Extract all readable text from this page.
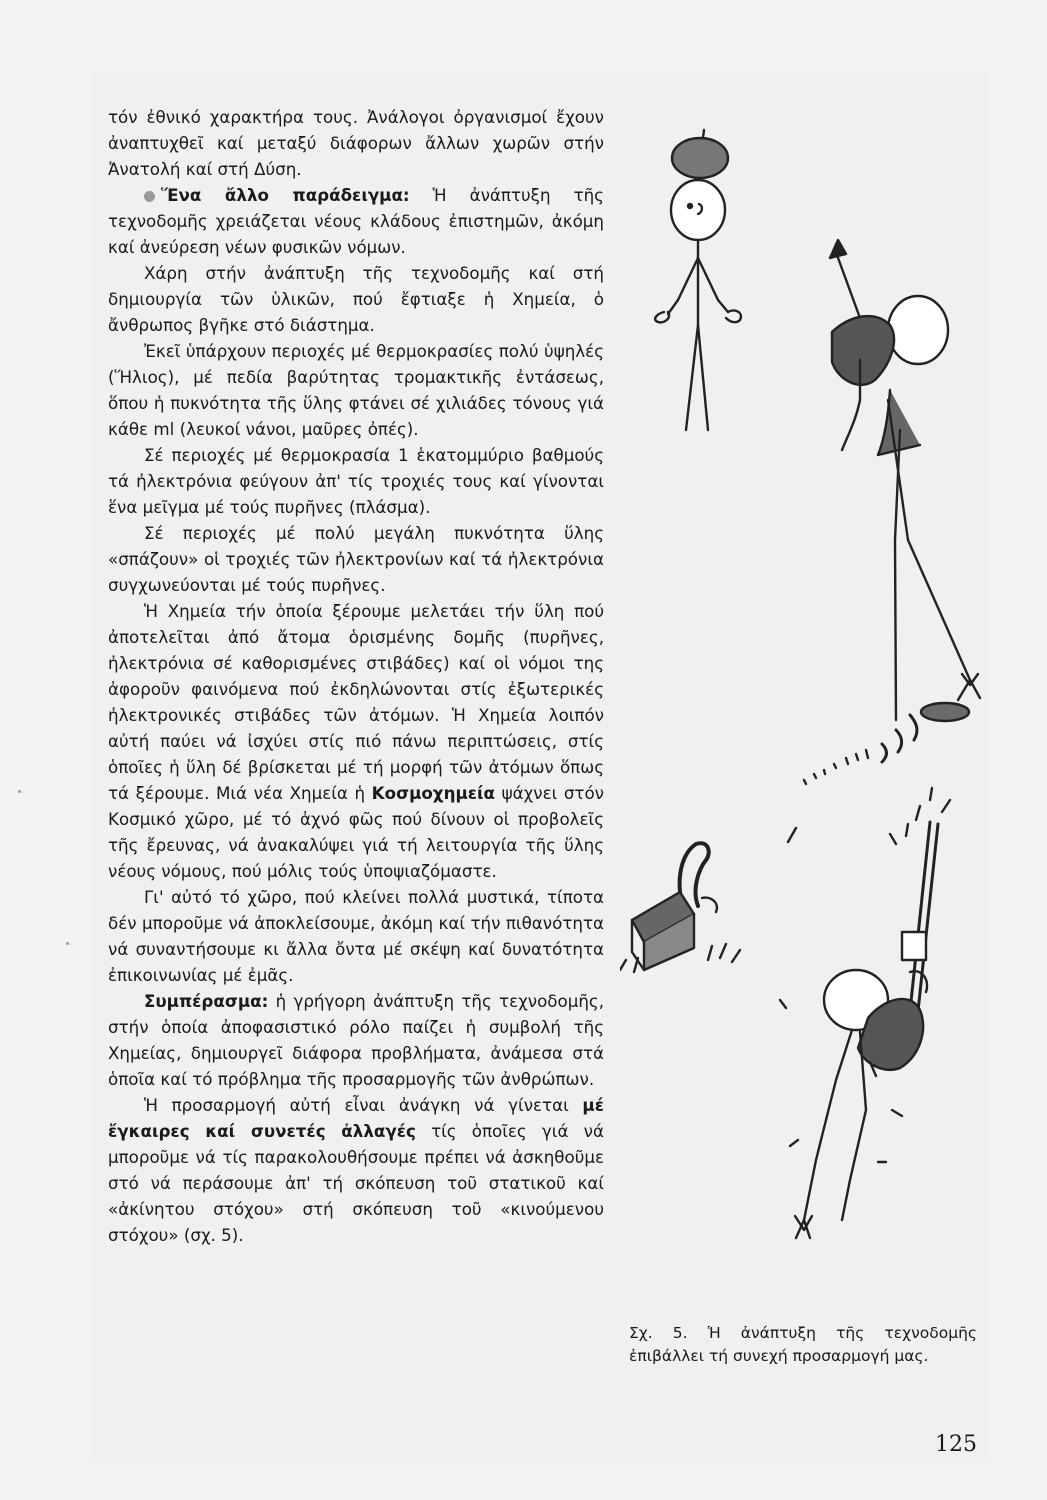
τόν ἐθνικό χαρακτήρα τους. Ἀνάλογοι ὀργανισμοί ἔχουν ἀναπτυχθεῖ καί μεταξύ διάφορων ἄλλων χωρῶν στήν Ἀνατολή καί στή Δύση.

Ἕνα ἄλλο παράδειγμα: Ἡ ἀνάπτυξη τῆς τεχνοδομῆς χρειάζεται νέους κλάδους ἐπιστημῶν, ἀκόμη καί ἀνεύρεση νέων φυσικῶν νόμων.

Χάρη στήν ἀνάπτυξη τῆς τεχνοδομῆς καί στή δημιουργία τῶν ὑλικῶν, πού ἔφτιαξε ἡ Χημεία, ὁ ἄνθρωπος βγῆκε στό διάστημα.

Ἐκεῖ ὑπάρχουν περιοχές μέ θερμοκρασίες πολύ ὑψηλές (Ἥλιος), μέ πεδία βαρύτητας τρομακτικῆς ἐντάσεως, ὅπου ἡ πυκνότητα τῆς ὕλης φτάνει σέ χιλιάδες τόνους γιά κάθε ml (λευκοί νάνοι, μαῦρες ὀπές).

Σέ περιοχές μέ θερμοκρασία 1 ἑκατομμύριο βαθμούς τά ἠλεκτρόνια φεύγουν ἀπ' τίς τροχιές τους καί γίνονται ἕνα μεῖγμα μέ τούς πυρῆνες (πλάσμα).

Σέ περιοχές μέ πολύ μεγάλη πυκνότητα ὕλης «σπάζουν» οἱ τροχιές τῶν ἠλεκτρονίων καί τά ἠλεκτρόνια συγχωνεύονται μέ τούς πυρῆνες.

Ἡ Χημεία τήν ὁποία ξέρουμε μελετάει τήν ὕλη πού ἀποτελεῖται ἀπό ἄτομα ὁρισμένης δομῆς (πυρῆνες, ἠλεκτρόνια σέ καθορισμένες στιβάδες) καί οἱ νόμοι της ἀφοροῦν φαινόμενα πού ἐκδηλώνονται στίς ἐξωτερικές ἠλεκτρονικές στιβάδες τῶν ἀτόμων. Ἡ Χημεία λοιπόν αὐτή παύει νά ἰσχύει στίς πιό πάνω περιπτώσεις, στίς ὁποῖες ἡ ὕλη δέ βρίσκεται μέ τή μορφή τῶν ἀτόμων ὅπως τά ξέρουμε. Μιά νέα Χημεία ἡ Κοσμοχημεία ψάχνει στόν Κοσμικό χῶρο, μέ τό ἀχνό φῶς πού δίνουν οἱ προβολεῖς τῆς ἔρευνας, νά ἀνακαλύψει γιά τή λειτουργία τῆς ὕλης νέους νόμους, πού μόλις τούς ὑποψιαζόμαστε.

Γι' αὐτό τό χῶρο, πού κλείνει πολλά μυστικά, τίποτα δέν μποροῦμε νά ἀποκλείσουμε, ἀκόμη καί τήν πιθανότητα νά συναντήσουμε κι ἄλλα ὄντα μέ σκέψη καί δυνατότητα ἐπικοινωνίας μέ ἐμᾶς.

Συμπέρασμα: ἡ γρήγορη ἀνάπτυξη τῆς τεχνοδομῆς, στήν ὁποία ἀποφασιστικό ρόλο παίζει ἡ συμβολή τῆς Χημείας, δημιουργεῖ διάφορα προβλήματα, ἀνάμεσα στά ὁποῖα καί τό πρόβλημα τῆς προσαρμογῆς τῶν ἀνθρώπων.

Ἡ προσαρμογή αὐτή εἶναι ἀνάγκη νά γίνεται μέ ἔγκαιρες καί συνετές ἀλλαγές τίς ὁποῖες γιά νά μποροῦμε νά τίς παρακολουθήσουμε πρέπει νά ἀσκηθοῦμε στό νά περάσουμε ἀπ' τή σκόπευση τοῦ στατικοῦ καί «ἀκίνητου στόχου» στή σκόπευση τοῦ «κινούμενου στόχου» (σχ. 5).

Σχ. 5. Ἡ ἀνάπτυξη τῆς τεχνοδομῆς ἐπιβάλλει τή συνεχή προσαρμογή μας.
125
